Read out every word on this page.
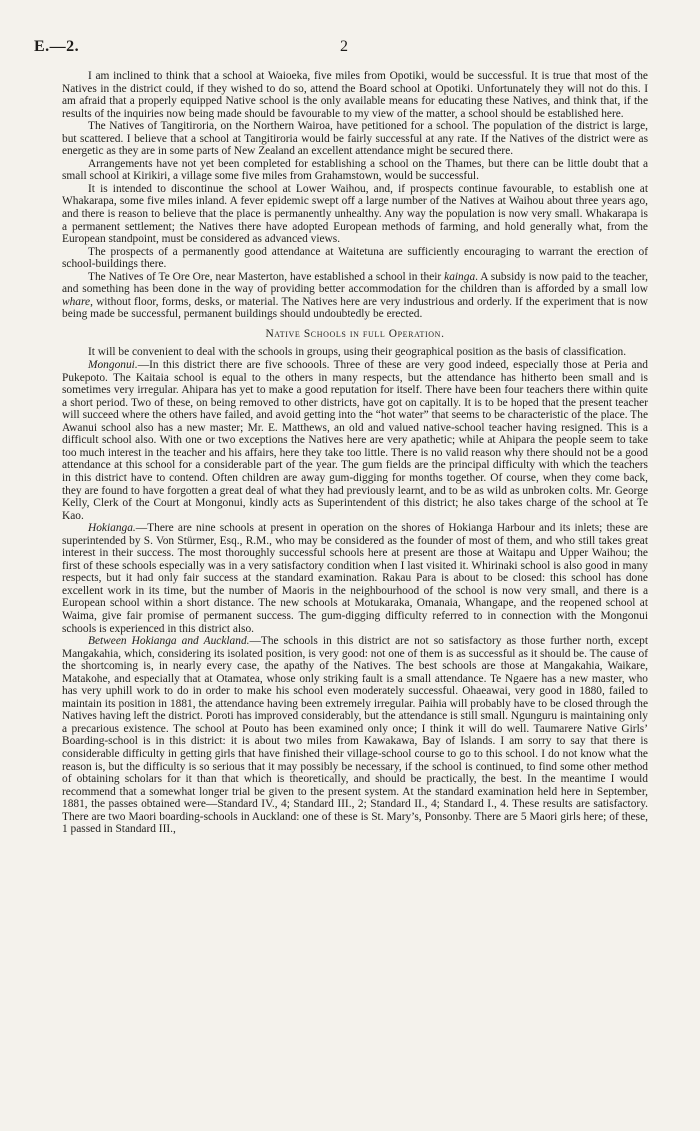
E.—2.	2

I am inclined to think that a school at Waioeka, five miles from Opotiki, would be successful. It is true that most of the Natives in the district could, if they wished to do so, attend the Board school at Opotiki. Unfortunately they will not do this. I am afraid that a properly equipped Native school is the only available means for educating these Natives, and think that, if the results of the inquiries now being made should be favourable to my view of the matter, a school should be established here.

The Natives of Tangitiroria, on the Northern Wairoa, have petitioned for a school. The population of the district is large, but scattered. I believe that a school at Tangitiroria would be fairly successful at any rate. If the Natives of the district were as energetic as they are in some parts of New Zealand an excellent attendance might be secured there.

Arrangements have not yet been completed for establishing a school on the Thames, but there can be little doubt that a small school at Kirikiri, a village some five miles from Grahamstown, would be successful.

It is intended to discontinue the school at Lower Waihou, and, if prospects continue favourable, to establish one at Whakarapa, some five miles inland. A fever epidemic swept off a large number of the Natives at Waihou about three years ago, and there is reason to believe that the place is permanently unhealthy. Any way the population is now very small. Whakarapa is a permanent settlement; the Natives there have adopted European methods of farming, and hold generally what, from the European standpoint, must be considered as advanced views.

The prospects of a permanently good attendance at Waitetuna are sufficiently encouraging to warrant the erection of school-buildings there.

The Natives of Te Ore Ore, near Masterton, have established a school in their kainga. A subsidy is now paid to the teacher, and something has been done in the way of providing better accommodation for the children than is afforded by a small low whare, without floor, forms, desks, or material. The Natives here are very industrious and orderly. If the experiment that is now being made be successful, permanent buildings should undoubtedly be erected.

Native Schools in full Operation.

It will be convenient to deal with the schools in groups, using their geographical position as the basis of classification.

Mongonui.—In this district there are five schoools. Three of these are very good indeed, especially those at Peria and Pukepoto. The Kaitaia school is equal to the others in many respects, but the attendance has hitherto been small and is sometimes very irregular. Ahipara has yet to make a good reputation for itself. There have been four teachers there within quite a short period. Two of these, on being removed to other districts, have got on capitally. It is to be hoped that the present teacher will succeed where the others have failed, and avoid getting into the “hot water” that seems to be characteristic of the place. The Awanui school also has a new master; Mr. E. Matthews, an old and valued native-school teacher having resigned. This is a difficult school also. With one or two exceptions the Natives here are very apathetic; while at Ahipara the people seem to take too much interest in the teacher and his affairs, here they take too little. There is no valid reason why there should not be a good attendance at this school for a considerable part of the year. The gum fields are the principal difficulty with which the teachers in this district have to contend. Often children are away gum-digging for months together. Of course, when they come back, they are found to have forgotten a great deal of what they had previously learnt, and to be as wild as unbroken colts. Mr. George Kelly, Clerk of the Court at Mongonui, kindly acts as Superintendent of this district; he also takes charge of the school at Te Kao.

Hokianga.—There are nine schools at present in operation on the shores of Hokianga Harbour and its inlets; these are superintended by S. Von Stürmer, Esq., R.M., who may be considered as the founder of most of them, and who still takes great interest in their success. The most thoroughly successful schools here at present are those at Waitapu and Upper Waihou; the first of these schools especially was in a very satisfactory condition when I last visited it. Whirinaki school is also good in many respects, but it had only fair success at the standard examination. Rakau Para is about to be closed: this school has done excellent work in its time, but the number of Maoris in the neighbourhood of the school is now very small, and there is a European school within a short distance. The new schools at Motukaraka, Omanaia, Whangape, and the reopened school at Waima, give fair promise of permanent success. The gum-digging difficulty referred to in connection with the Mongonui schools is experienced in this district also.

Between Hokianga and Auckland.—The schools in this district are not so satisfactory as those further north, except Mangakahia, which, considering its isolated position, is very good: not one of them is as successful as it should be. The cause of the shortcoming is, in nearly every case, the apathy of the Natives. The best schools are those at Mangakahia, Waikare, Matakohe, and especially that at Otamatea, whose only striking fault is a small attendance. Te Ngaere has a new master, who has very uphill work to do in order to make his school even moderately successful. Ohaeawai, very good in 1880, failed to maintain its position in 1881, the attendance having been extremely irregular. Paihia will probably have to be closed through the Natives having left the district. Poroti has improved considerably, but the attendance is still small. Ngunguru is maintaining only a precarious existence. The school at Pouto has been examined only once; I think it will do well. Taumarere Native Girls’ Boarding-school is in this district: it is about two miles from Kawakawa, Bay of Islands. I am sorry to say that there is considerable difficulty in getting girls that have finished their village-school course to go to this school. I do not know what the reason is, but the difficulty is so serious that it may possibly be necessary, if the school is continued, to find some other method of obtaining scholars for it than that which is theoretically, and should be practically, the best. In the meantime I would recommend that a somewhat longer trial be given to the present system. At the standard examination held here in September, 1881, the passes obtained were—Standard IV., 4; Standard III., 2; Standard II., 4; Standard I., 4. These results are satisfactory. There are two Maori boarding-schools in Auckland: one of these is St. Mary’s, Ponsonby. There are 5 Maori girls here; of these, 1 passed in Standard III.,
